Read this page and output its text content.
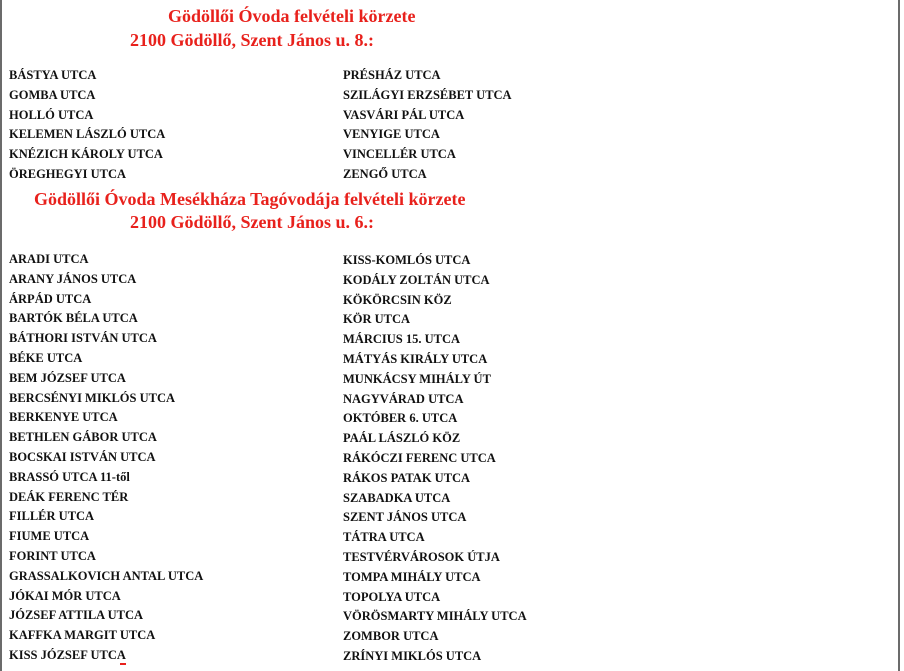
Gödöllői Óvoda felvételi körzete
2100 Gödöllő, Szent János u. 8.:
BÁSTYA UTCA
GOMBA UTCA
HOLLÓ UTCA
KELEMEN LÁSZLÓ UTCA
KNÉZICH KÁROLY UTCA
ÖREGHEGYI UTCA
PRÉSHÁZ UTCA
SZILÁGYI ERZSÉBET UTCA
VASVÁRI PÁL UTCA
VENYIGE UTCA
VINCELLÉR UTCA
ZENGŐ UTCA
Gödöllői Óvoda Mesékháza Tagóvodája felvételi körzete
2100 Gödöllő, Szent János u. 6.:
ARADI UTCA
ARANY JÁNOS UTCA
ÁRPÁD UTCA
BARTÓK BÉLA UTCA
BÁTHORI ISTVÁN UTCA
BÉKE UTCA
BEM JÓZSEF UTCA
BERCSÉNYI MIKLÓS UTCA
BERKENYE UTCA
BETHLEN GÁBOR UTCA
BOCSKAI ISTVÁN UTCA
BRASSÓ UTCA 11-től
DEÁK FERENC TÉR
FILLÉR UTCA
FIUME UTCA
FORINT UTCA
GRASSALKOVICH ANTAL UTCA
JÓKAI MÓR UTCA
JÓZSEF ATTILA UTCA
KAFFKA MARGIT UTCA
KISS JÓZSEF UTCA
KISS-KOMLÓS UTCA
KODÁLY ZOLTÁN UTCA
KÖKÖRCSIN KÖZ
KÖR UTCA
MÁRCIUS 15. UTCA
MÁTYÁS KIRÁLY UTCA
MUNKÁCSY MIHÁLY ÚT
NAGYVÁRAD UTCA
OKTÓBER 6. UTCA
PAÁL LÁSZLÓ KÖZ
RÁKÓCZI FERENC UTCA
RÁKOS PATAK UTCA
SZABADKA UTCA
SZENT JÁNOS UTCA
TÁTRA UTCA
TESTVÉRVÁROSOK ÚTJA
TOMPA MIHÁLY UTCA
TOPOLYA UTCA
VÖRÖSMARTY MIHÁLY UTCA
ZOMBOR UTCA
ZRÍNYI MIKLÓS UTCA
